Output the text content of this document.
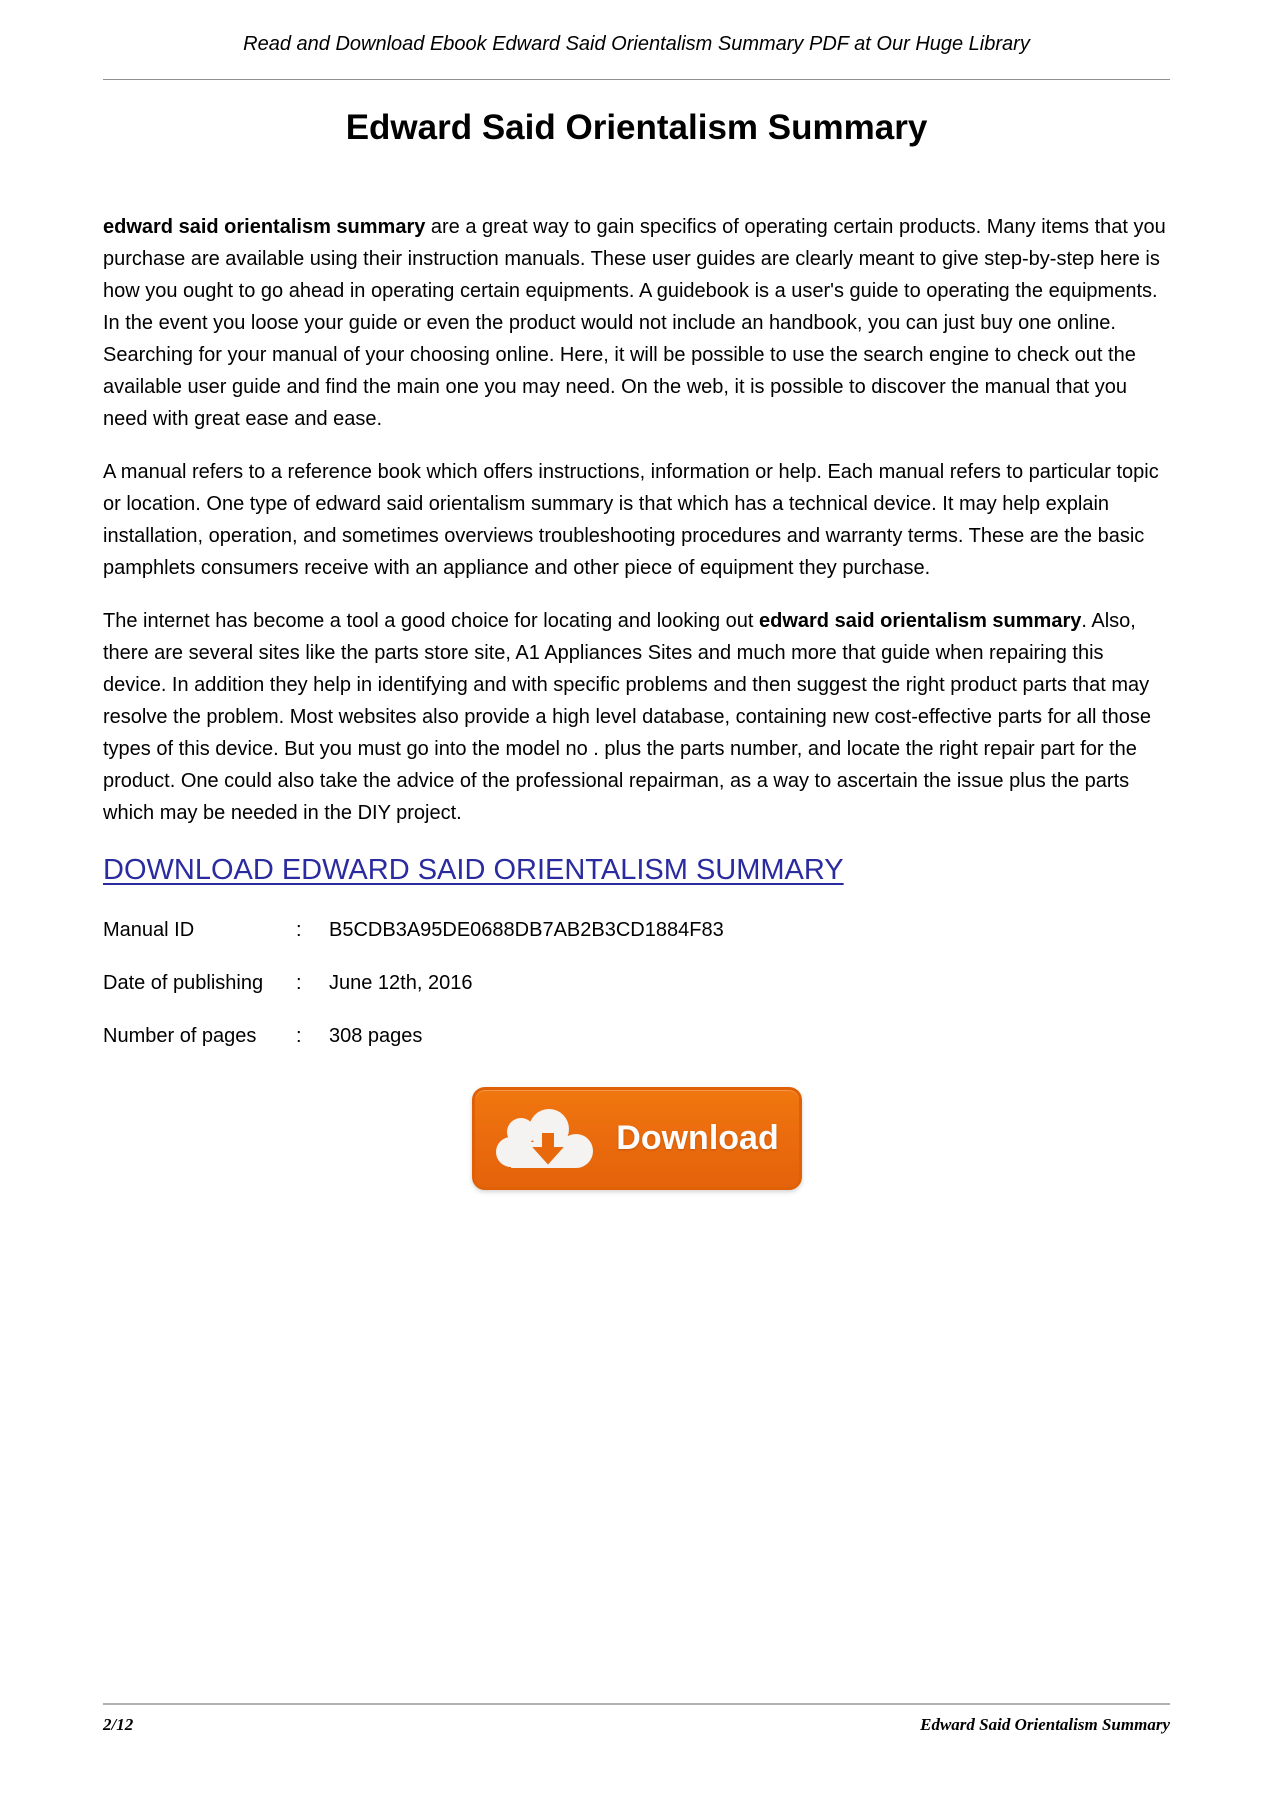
Read and Download Ebook Edward Said Orientalism Summary PDF at Our Huge Library
Edward Said Orientalism Summary

edward said orientalism summary are a great way to gain specifics of operating certain products. Many items that you purchase are available using their instruction manuals. These user guides are clearly meant to give step-by-step here is how you ought to go ahead in operating certain equipments. A guidebook is a user's guide to operating the equipments. In the event you loose your guide or even the product would not include an handbook, you can just buy one online. Searching for your manual of your choosing online. Here, it will be possible to use the search engine to check out the available user guide and find the main one you may need. On the web, it is possible to discover the manual that you need with great ease and ease.

A manual refers to a reference book which offers instructions, information or help. Each manual refers to particular topic or location. One type of edward said orientalism summary is that which has a technical device. It may help explain installation, operation, and sometimes overviews troubleshooting procedures and warranty terms. These are the basic pamphlets consumers receive with an appliance and other piece of equipment they purchase.

The internet has become a tool a good choice for locating and looking out edward said orientalism summary. Also, there are several sites like the parts store site, A1 Appliances Sites and much more that guide when repairing this device. In addition they help in identifying and with specific problems and then suggest the right product parts that may resolve the problem. Most websites also provide a high level database, containing new cost-effective parts for all those types of this device. But you must go into the model no . plus the parts number, and locate the right repair part for the product. One could also take the advice of the professional repairman, as a way to ascertain the issue plus the parts which may be needed in the DIY project.

DOWNLOAD EDWARD SAID ORIENTALISM SUMMARY
Manual ID	:	B5CDB3A95DE0688DB7AB2B3CD1884F83
Date of publishing	:	June 12th, 2016
Number of pages	:	308 pages
Download
2/12	Edward Said Orientalism Summary
